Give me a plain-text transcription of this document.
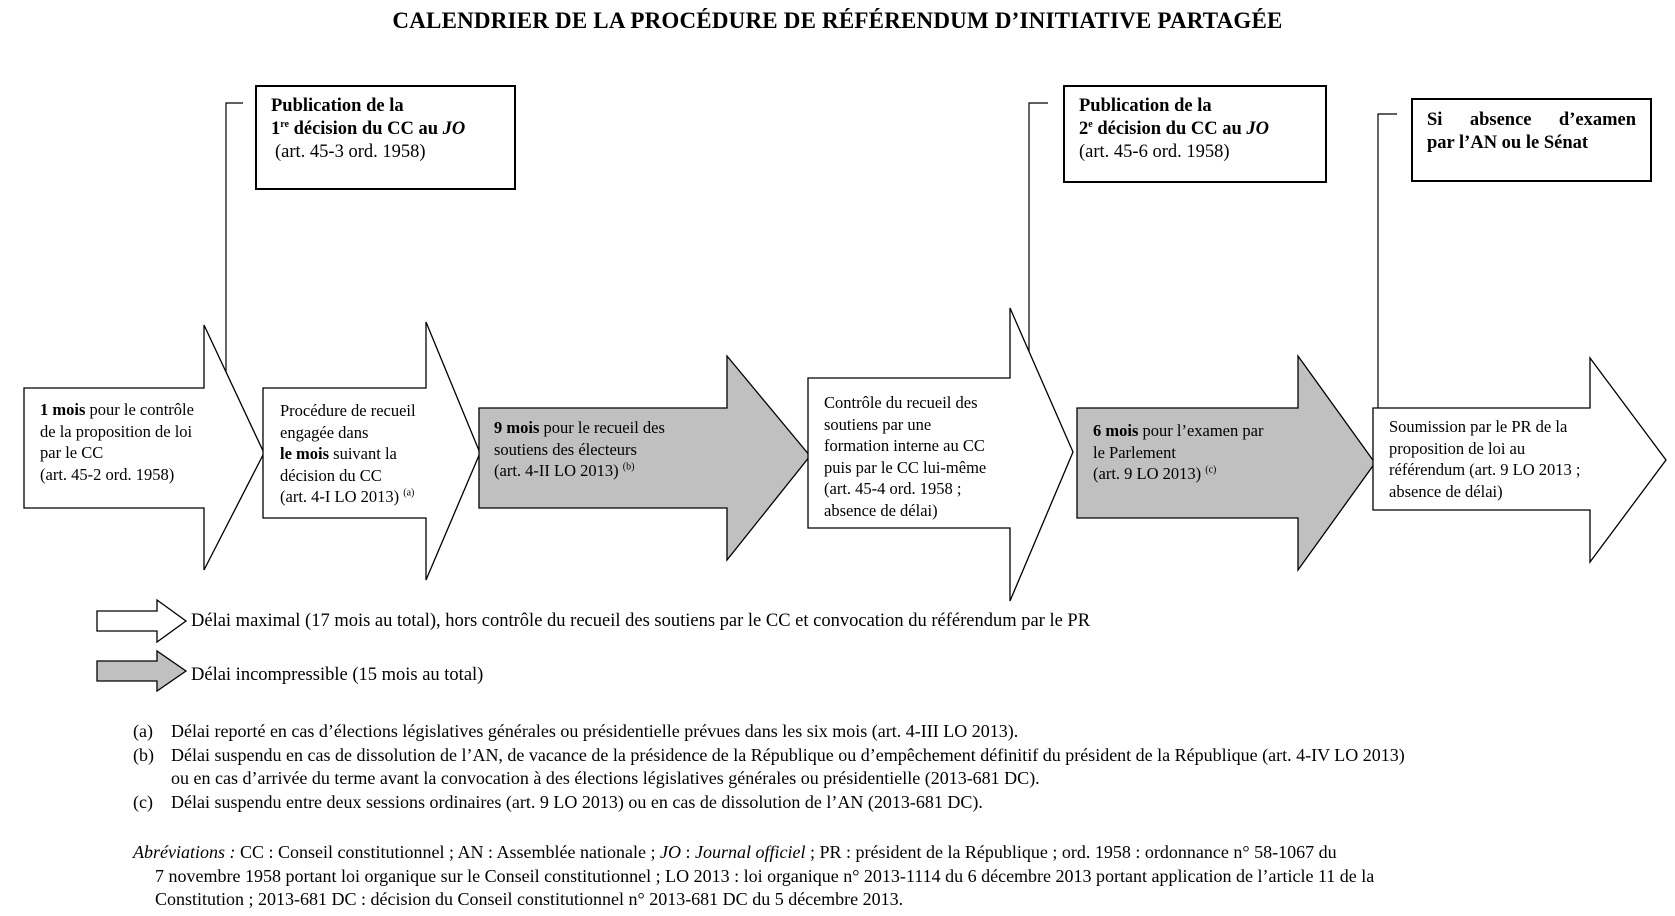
CALENDRIER DE LA PROCÉDURE DE RÉFÉRENDUM D’INITIATIVE PARTAGÉE
Publication de la
1re décision du CC au JO
(art. 45-3 ord. 1958)
Publication de la
2e décision du CC au JO
(art. 45-6 ord. 1958)
Si absence d’examen
par l’AN ou le Sénat
1 mois pour le contrôle
de la proposition de loi
par le CC
(art. 45-2 ord. 1958)
Procédure de recueil
engagée dans
le mois suivant la
décision du CC
(art. 4-I LO 2013) $^{(a)}$
9 mois pour le recueil des
soutiens des électeurs
(art. 4-II LO 2013) $^{(b)}$
Contrôle du recueil des
soutiens par une
formation interne au CC
puis par le CC lui-même
(art. 45-4 ord. 1958 ;
absence de délai)
6 mois pour l’examen par
le Parlement
(art. 9 LO 2013) $^{(c)}$
Soumission par le PR de la
proposition de loi au
référendum (art. 9 LO 2013 ;
absence de délai)
Délai maximal (17 mois au total), hors contrôle du recueil des soutiens par le CC et convocation du référendum par le PR
Délai incompressible (15 mois au total)
(a)	Délai reporté en cas d’élections législatives générales ou présidentielle prévues dans les six mois (art. 4-III LO 2013).
(b) Délai suspendu en cas de dissolution de l’AN, de vacance de la présidence de la République ou d’empêchement définitif du président de la République (art. 4-IV LO 2013)
ou en cas d’arrivée du terme avant la convocation à des élections législatives générales ou présidentielle (2013-681 DC).
(c)	Délai suspendu entre deux sessions ordinaires (art. 9 LO 2013) ou en cas de dissolution de l’AN (2013-681 DC).
Abréviations : CC : Conseil constitutionnel ; AN : Assemblée nationale ; JO : Journal officiel ; PR : président de la République ; ord. 1958 : ordonnance n° 58-1067 du
7 novembre 1958 portant loi organique sur le Conseil constitutionnel ; LO 2013 : loi organique n° 2013-1114 du 6 décembre 2013 portant application de l’article 11 de la
Constitution ; 2013-681 DC : décision du Conseil constitutionnel n° 2013-681 DC du 5 décembre 2013.
